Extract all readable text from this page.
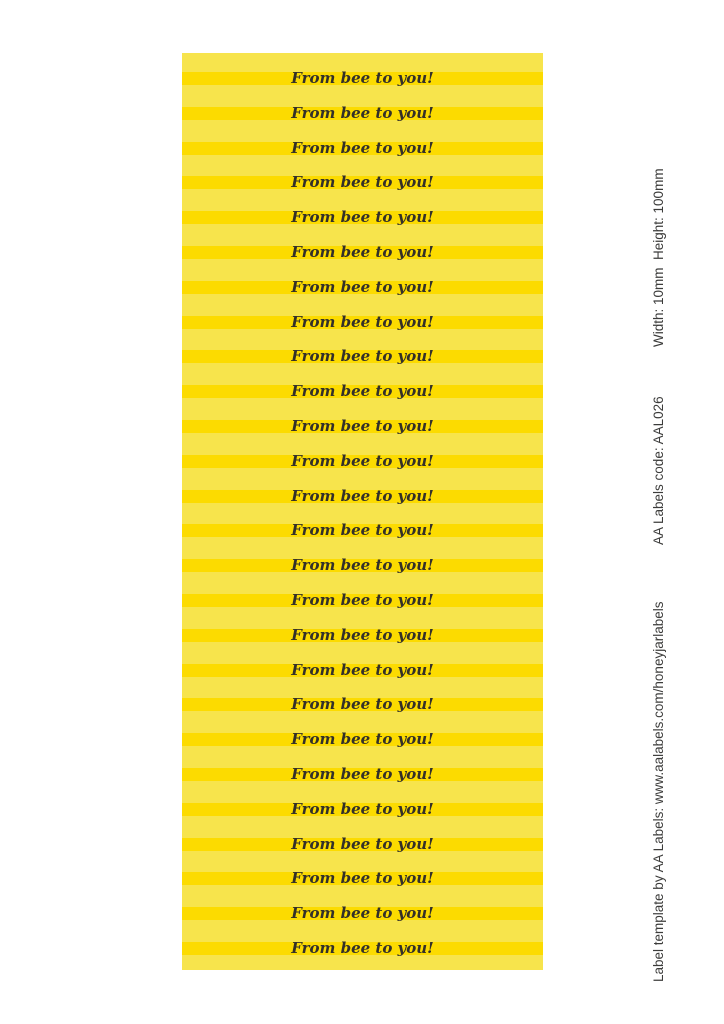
From bee to you!
From bee to you!
From bee to you!
From bee to you!
From bee to you!
From bee to you!
From bee to you!
From bee to you!
From bee to you!
From bee to you!
From bee to you!
From bee to you!
From bee to you!
From bee to you!
From bee to you!
From bee to you!
From bee to you!
From bee to you!
From bee to you!
From bee to you!
From bee to you!
From bee to you!
From bee to you!
From bee to you!
From bee to you!
From bee to you!
Width: 10mm  Height: 100mm
AA Labels code: AAL026
Label template by AA Labels: www.aalabels.com/honeyjarlabels
